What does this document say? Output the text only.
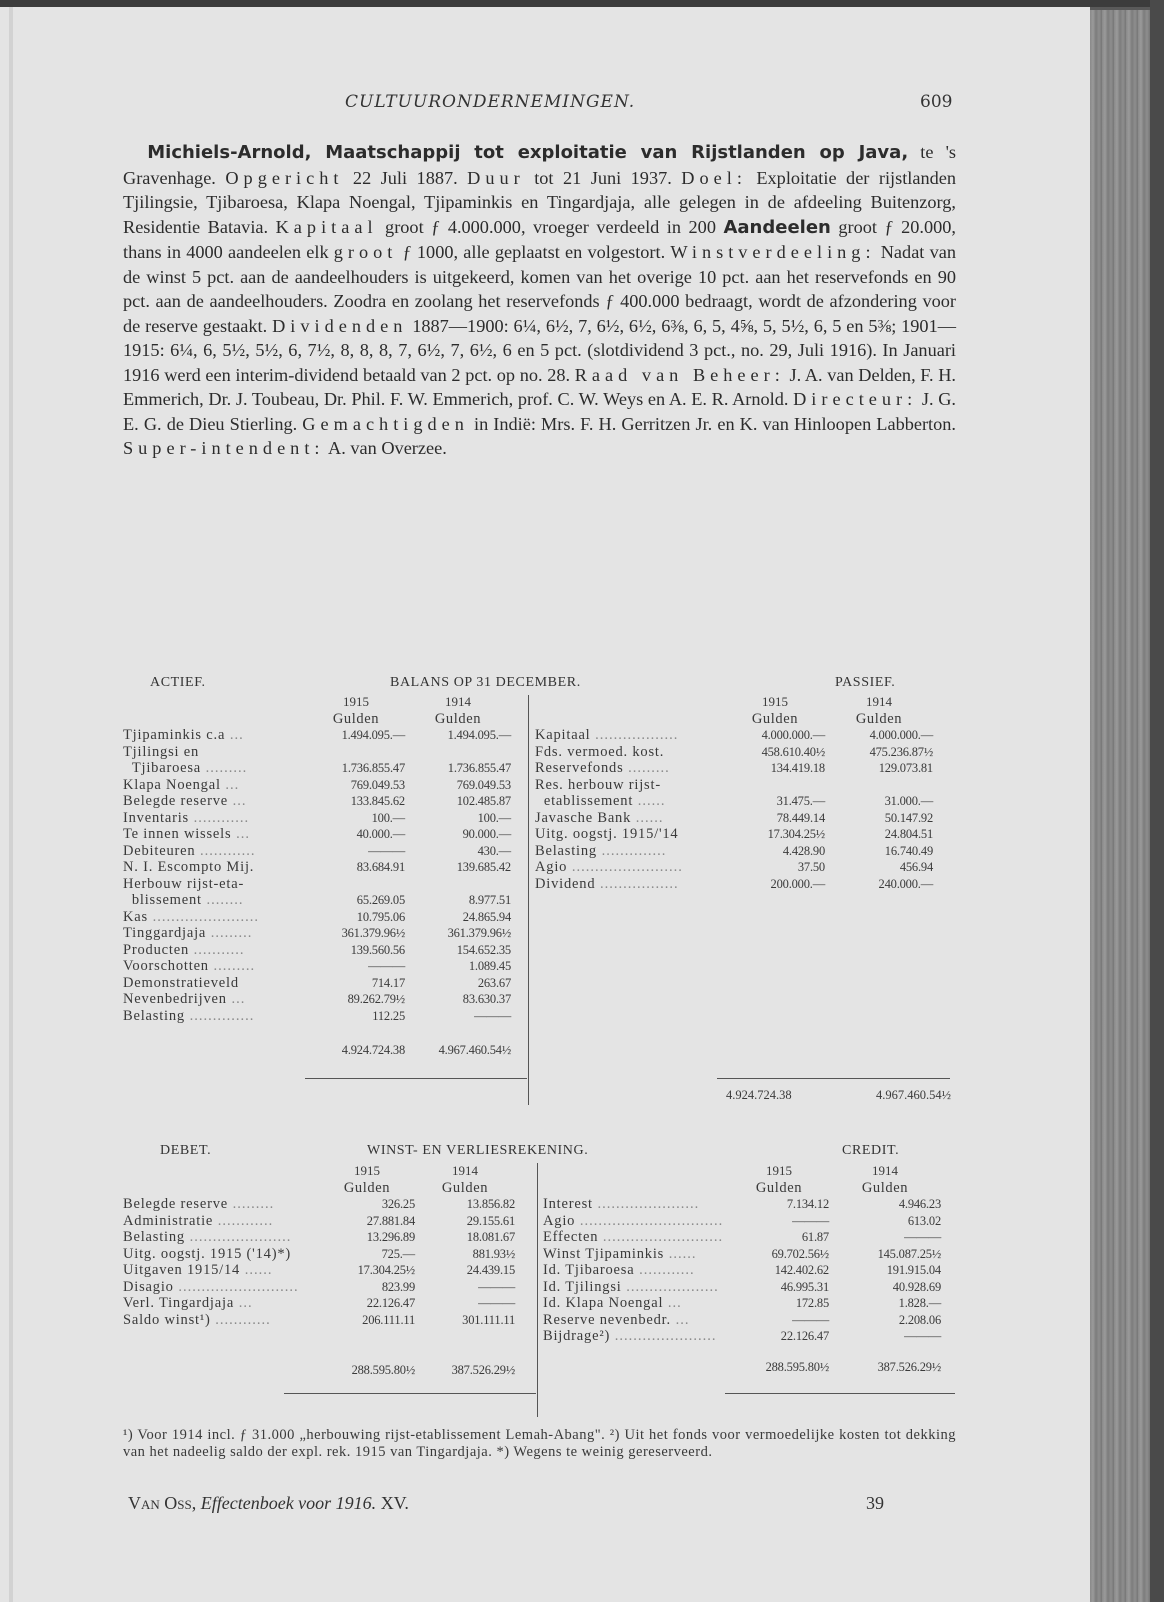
CULTUURONDERNEMINGEN.	609

Michiels-Arnold, Maatschappij tot exploitatie van Rijstlanden op Java, te 's Gravenhage. Opgericht 22 Juli 1887. Duur tot 21 Juni 1937. Doel: Exploitatie der rijstlanden Tjilingsie, Tjibaroesa, Klapa Noengal, Tjipaminkis en Tingardjaja, alle gelegen in de afdeeling Buitenzorg, Residentie Batavia. Kapitaal groot ƒ 4.000.000, vroeger verdeeld in 200 Aandeelen groot ƒ 20.000, thans in 4000 aandeelen elk groot ƒ 1000, alle geplaatst en volgestort. Winstverdeeling: Nadat van de winst 5 pct. aan de aandeelhouders is uitgekeerd, komen van het overige 10 pct. aan het reservefonds en 90 pct. aan de aandeelhouders. Zoodra en zoolang het reservefonds ƒ 400.000 bedraagt, wordt de afzondering voor de reserve gestaakt. Dividenden 1887—1900: 6¼, 6½, 7, 6½, 6½, 6⅜, 6, 5, 4⅝, 5, 5½, 6, 5 en 5⅜; 1901—1915: 6¼, 6, 5½, 5½, 6, 7½, 8, 8, 8, 7, 6½, 7, 6½, 6 en 5 pct. (slotdividend 3 pct., no. 29, Juli 1916). In Januari 1916 werd een interim-dividend betaald van 2 pct. op no. 28. Raad van Beheer: J. A. van Delden, F. H. Emmerich, Dr. J. Toubeau, Dr. Phil. F. W. Emmerich, prof. C. W. Weys en A. E. R. Arnold. Directeur: J. G. E. G. de Dieu Stierling. Gemachtigden in Indië: Mrs. F. H. Gerritzen Jr. en K. van Hinloopen Labberton. Super-intendent: A. van Overzee.

ACTIEF.	BALANS OP 31 DECEMBER.	PASSIEF.
	1915	1914
	Gulden	Gulden
Tjipaminkis c.a ...	1.494.095.—	1.494.095.—
Tjilingsi en		
Tjibaroesa .........	1.736.855.47	1.736.855.47
Klapa Noengal ...	769.049.53	769.049.53
Belegde reserve ...	133.845.62	102.485.87
Inventaris ............	100.—	100.—
Te innen wissels ...	40.000.—	90.000.—
Debiteuren ............	———	430.—
N. I. Escompto Mij.	83.684.91	139.685.42
Herbouw rijst-eta-		
blissement ........	65.269.05	8.977.51
Kas .......................	10.795.06	24.865.94
Tinggardjaja .........	361.379.96½	361.379.96½
Producten ...........	139.560.56	154.652.35
Voorschotten .........	———	1.089.45
Demonstratieveld	714.17	263.67
Nevenbedrijven ...	89.262.79½	83.630.37
Belasting ..............	112.25	———

	4.924.724.38	4.967.460.54½
	1915	1914
	Gulden	Gulden
Kapitaal ..................	4.000.000.—	4.000.000.—
Fds. vermoed. kost.	458.610.40½	475.236.87½
Reservefonds .........	134.419.18	129.073.81
Res. herbouw rijst-		
etablissement ......	31.475.—	31.000.—
Javasche Bank ......	78.449.14	50.147.92
Uitg. oogstj. 1915/'14	17.304.25½	24.804.51
Belasting ..............	4.428.90	16.740.49
Agio ........................	37.50	456.94
Dividend .................	200.000.—	240.000.—
4.924.724.38	4.967.460.54½
DEBET.	WINST- EN VERLIESREKENING.	CREDIT.
	1915	1914
	Gulden	Gulden
Belegde reserve .........	326.25	13.856.82
Administratie ............	27.881.84	29.155.61
Belasting ......................	13.296.89	18.081.67
Uitg. oogstj. 1915 ('14)*)	725.—	881.93½
Uitgaven 1915/14 ......	17.304.25½	24.439.15
Disagio ..........................	823.99	———
Verl. Tingardjaja ...	22.126.47	———
Saldo winst¹) ............	206.111.11	301.111.11

	288.595.80½	387.526.29½
	1915	1914
	Gulden	Gulden
Interest ......................	7.134.12	4.946.23
Agio ...............................	———	613.02
Effecten ..........................	61.87	———
Winst Tjipaminkis ......	69.702.56½	145.087.25½
Id. Tjibaroesa ............	142.402.62	191.915.04
Id. Tjilingsi ....................	46.995.31	40.928.69
Id. Klapa Noengal ...	172.85	1.828.—
Reserve nevenbedr. ...	———	2.208.06
Bijdrage²) ......................	22.126.47	———

	288.595.80½	387.526.29½
¹) Voor 1914 incl. ƒ 31.000 „herbouwing rijst-etablissement Lemah-Abang". ²) Uit het fonds voor vermoedelijke kosten tot dekking van het nadeelig saldo der expl. rek. 1915 van Tingardjaja. *) Wegens te weinig gereserveerd.
Van Oss, Effectenboek voor 1916. XV.	39
